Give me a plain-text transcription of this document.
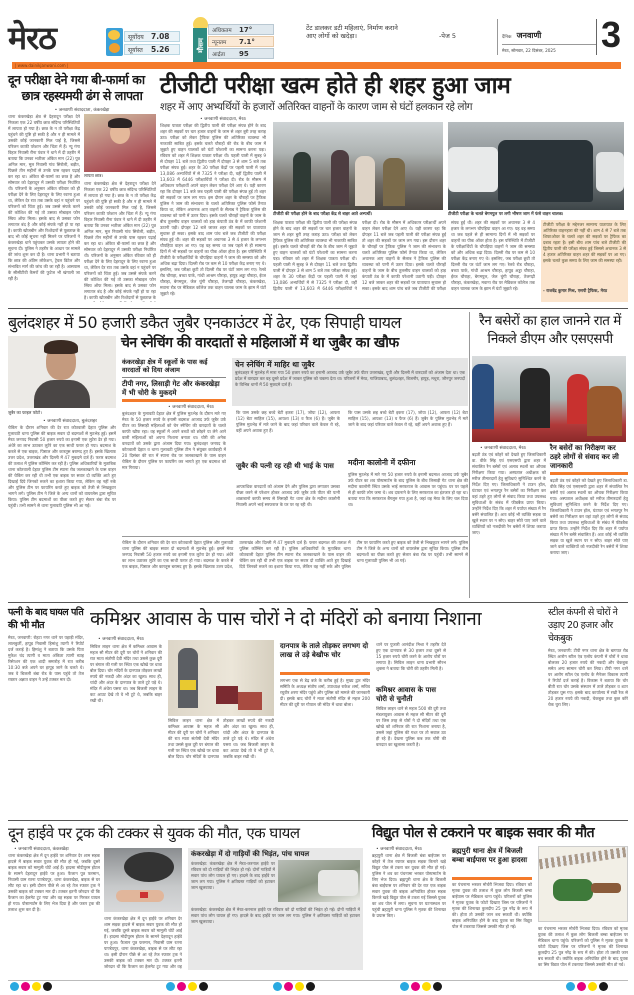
मेरठ	सूर्योदय 7.08
सूर्यास्त	5.26	मौसम
अधिकतम	17°
न्यूनतम	7.1°
आर्द्रता	95
टेंट डालकर डटी महिलाएं, निर्माण कराने
आए लोगों को खदेड़ा।	-पेज 5	दैनिक जनवाणी
मेरठ, सोमवार, 22 दिसंबर, 2025	3
| www.dainikjanwani.com |
दून परीक्षा देने गया बी-फार्मा का
छात्र रहस्यमयी ढंग से लापता
• जनवाणी संवाददाता, कंकरखेड़ा
थाना कंकरखेड़ा क्षेत्र से देहरादून परीक्षा देने निकला एक 22 वर्षीय छात्र संदिग्ध परिस्थितियों में लापता हो गया है। छात्र के न तो परीक्षा केंद्र पहुंचने की पुष्टि हो सकी है और न ही मामले में उसकी कोई जानकारी मिल पाई है, जिससे परिजन काफी परेशान और चिंता में हैं। न्यू गंगा विहार निवासी रीना पंवार ने थाने में दी तहरीर में बताया कि उनका भतीजा अंकित मान (22) पुत्र अनिल मान, मूल निवासी गांव सिरोली, बड़ौत, पिछले तीन महीनों से उनके पास रहकर पढ़ाई कर रहा था। अंकित बी-फार्मा का छात्र है और सोमवार को देहरादून में उसकी परीक्षा निर्धारित थी। परिजनों के अनुसार अंकित रविवार को ही परीक्षा देने के लिए देहरादून के लिए रवाना हुआ था, लेकिन देर रात तक उसके वहां न पहुंचने पर परिजनों को चिंता हुई। जब उससे संपर्क करने की कोशिश की गई तो उसका मोबाइल फोन स्विच ऑफ मिला। इसके बाद से उसका फोन लगातार बंद है और कोई संपर्क नहीं हो पा रहा है। काफी खोजबीन और रिश्तेदारों से पूछताछ के बाद भी कोई सूचना नहीं मिलने पर परिजनों ने कंकरखेड़ा थाने पहुंचकर उसके लापता होने की सूचना दी। पुलिस ने तहरीर के आधार पर मामले की जांच शुरू कर दी है। थाना प्रभारी ने बताया कि छात्र की अंतिम लोकेशन, ट्रेवल डिटेल और संभावित मार्ग की जांच की जा रही है। आसपास के सीसीटीवी कैमरों की फुटेज भी खंगाली जा रही है।
लापता छात्र।
थाना कंकरखेड़ा क्षेत्र से देहरादून परीक्षा देने निकला एक 22 वर्षीय छात्र संदिग्ध परिस्थितियों में लापता हो गया है। छात्र के न तो परीक्षा केंद्र पहुंचने की पुष्टि हो सकी है और न ही मामले में उसकी कोई जानकारी मिल पाई है, जिससे परिजन काफी परेशान और चिंता में हैं। न्यू गंगा विहार निवासी रीना पंवार ने थाने में दी तहरीर में बताया कि उनका भतीजा अंकित मान (22) पुत्र अनिल मान, मूल निवासी गांव सिरोली, बड़ौत, पिछले तीन महीनों से उनके पास रहकर पढ़ाई कर रहा था। अंकित बी-फार्मा का छात्र है और सोमवार को देहरादून में उसकी परीक्षा निर्धारित थी। परिजनों के अनुसार अंकित रविवार को ही परीक्षा देने के लिए देहरादून के लिए रवाना हुआ था, लेकिन देर रात तक उसके वहां न पहुंचने पर परिजनों को चिंता हुई। जब उससे संपर्क करने की कोशिश की गई तो उसका मोबाइल फोन स्विच ऑफ मिला। इसके बाद से उसका फोन लगातार बंद है और कोई संपर्क नहीं हो पा रहा है। काफी खोजबीन और रिश्तेदारों से पूछताछ के
टीजीटी परीक्षा खत्म होते ही शहर हुआ जाम
शहर में आए अभ्यर्थियों के हजारों अतिरिक्त वाहनों के कारण जाम से घंटों हलकान रहे लोग
• जनवाणी संवाददाता, मेरठ
शिक्षक पात्रता परीक्षा की द्वितीय पाली की परीक्षा संपन्न होने के बाद शहर की सड़कों पर चार हजार वाहनों के जाम से शहर बुरी तरह कराह उठा। परीक्षा को लेकर ट्रैफिक पुलिस की अतिरिक्त व्यवस्था भी नाकाफी साबित हुई। इसके चलते चौराहों की रोड के बीच जाम में जूझते हुए वाहन चालकों को घंटों परेशानी का सामना करना पड़ा। रविवार को शहर में शिक्षक पात्रता परीक्षा थी। पहली पाली में सुबह 9 से दोपहर 11 बजे तथा द्वितीय पाली में दोपहर 3 से शाम 5 बजे तक परीक्षा संपन्न हुई। शहर के 30 परीक्षा केंद्रों पर पहली पाली में जहां 13,086 अभ्यर्थियों में से 7325 ने परीक्षा दी, वहीं द्वितीय पाली में 13,603 में 6446 परीक्षार्थियों ने परीक्षा दी। रोड के मौसम में अधिकतर परीक्षार्थी अपने वाहन लेकर परीक्षा देने आए थे। यही कारण रहा कि दोपहर 11 बजे जब पहली पाली की परीक्षा संपन्न हुई तो शहर की सड़कों पर जाम लग गया। इस दौरान शहर के चौराहों पर ट्रैफिक पुलिस ने जाम की संभावना के चलते अतिरिक्त पुलिस फोर्स तैनात किया था, लेकिन अचानक आए वाहनों के सैलाब ने ट्रैफिक पुलिस की व्यवस्था को पानी में उतार दिया। इसके चलते चौराहों वाहनों के जाम के बीच तुलसीय वाहन चालकों को हाड़ कंपाती ठंड के में काफी परेशानी उठानी पड़ी। दोपहर 12 बजे जाकर शहर की सड़कों पर यातायात सुचारू हो सका। इसके बाद शाम पांच बजे जब टीजीटी की परीक्षा संपन्न हुई थी। शहर की सड़कों पर अचानक 3 से 4 हजार के लगभग चौपहिया वाहन आ गए। यह वह समय था जब पहले से ही सामान्य दिनों में भी सड़कों पर वाहनों का पीक ऑवर होता है। इस परिस्थिति में टीजीटी के परीक्षार्थियों के चौपहिया वाहनों ने जाम की समस्या को और अधिक बढ़ा दिया। दिल्ली रोड पर कम से 10 परीक्षा केंद्र बनाए गए थे। इसलिए, जब परीक्षा छूटी तो दिल्ली रोड पर घंटों जाम लग गए। रेलवे रोड चौराहा, बच्चा पार्क, गांधी आश्रम चौराहा, हापुड़ अड्डा चौराहा, ईव्ज चौराहा, बेगमपुल, जेल चुंगी चौराहा, तेजगढ़ी चौराहा, कंकरखेड़ा, मवाना रोड पर मेडिकल कॉलेज तक वाहन चालक जाम के झाम में घंटों जूझते रहे।
टीजीटी की परीक्षा होने के बाद परीक्षा केंद्र से बाहर आते अभ्यर्थी।	टीजीटी परीक्षा के चलते बेगमपुल पर लगी भीषण जाम में फंसे वाहन चालक।
शिक्षक पात्रता परीक्षा की द्वितीय पाली की परीक्षा संपन्न होने के बाद शहर की सड़कों पर चार हजार वाहनों के जाम से शहर बुरी तरह कराह उठा। परीक्षा को लेकर ट्रैफिक पुलिस की अतिरिक्त व्यवस्था भी नाकाफी साबित हुई। इसके चलते चौराहों की रोड के बीच जाम में जूझते हुए वाहन चालकों को घंटों परेशानी का सामना करना पड़ा। रविवार को शहर में शिक्षक पात्रता परीक्षा थी। पहली पाली में सुबह 9 से दोपहर 11 बजे तथा द्वितीय पाली में दोपहर 3 से शाम 5 बजे तक परीक्षा संपन्न हुई। शहर के 30 परीक्षा केंद्रों पर पहली पाली में जहां 13,086 अभ्यर्थियों में से 7325 ने परीक्षा दी, वहीं द्वितीय पाली में 13,603 में 6446 परीक्षार्थियों ने परीक्षा दी। रोड के मौसम में अधिकतर परीक्षार्थी अपने वाहन लेकर परीक्षा देने आए थे। यही कारण रहा कि दोपहर 11 बजे जब पहली पाली की परीक्षा संपन्न हुई तो शहर की सड़कों पर जाम लग गया। इस दौरान शहर के चौराहों पर ट्रैफिक पुलिस ने जाम की संभावना के चलते अतिरिक्त पुलिस फोर्स तैनात किया था, लेकिन अचानक आए वाहनों के सैलाब ने ट्रैफिक पुलिस की व्यवस्था को पानी में उतार दिया। इसके चलते चौराहों वाहनों के जाम के बीच तुलसीय वाहन चालकों को हाड़ कंपाती ठंड के में काफी परेशानी उठानी पड़ी। दोपहर 12 बजे जाकर शहर की सड़कों पर यातायात सुचारू हो सका। इसके बाद शाम पांच बजे जब टीजीटी की परीक्षा संपन्न हुई थी। शहर की सड़कों पर अचानक 3 से 4 हजार के लगभग चौपहिया वाहन आ गए। यह वह समय था जब पहले से ही सामान्य दिनों में भी सड़कों पर वाहनों का पीक ऑवर होता है। इस परिस्थिति में टीजीटी के परीक्षार्थियों के चौपहिया वाहनों ने जाम की समस्या को और अधिक बढ़ा दिया। दिल्ली रोड पर कम से 10 परीक्षा केंद्र बनाए गए थे। इसलिए, जब परीक्षा छूटी तो दिल्ली रोड पर घंटों जाम लग गए। रेलवे रोड चौराहा, बच्चा पार्क, गांधी आश्रम चौराहा, हापुड़ अड्डा चौराहा, ईव्ज चौराहा, बेगमपुल, जेल चुंगी चौराहा, तेजगढ़ी चौराहा, कंकरखेड़ा, मवाना रोड पर मेडिकल कॉलेज तक वाहन चालक जाम के झाम में घंटों जूझते रहे।
टीजीटी परीक्षा के मद्देनजर सामान्य यातायात के लिए अतिरिक्त वाहनहारा की नहीं थी। शाम 4 से 7 बजे तक शिफ्टओवर के चलते शहर की सड़कों पर ट्रैफिक का दबाव रहता है। इसी बीच शाम पांच बजे टीजीटी की द्वितीय पाली की परीक्षा संपन्न हुई जिससे अचानक 3 से 4 हजार अतिरिक्त वाहन शहर की सड़कों पर आ गए। इसके चलते कुछ समय के लिए जाम की समस्या रही।
- राजवेंद्र कुमार मिश्र, एसपी ट्रैफिक, मेरठ
बुलंदशहर में 50 हजारी डकैत जुबैर एनकाउंटर में ढेर, एक सिपाही घायल
चेन स्नेचिंग की वारदातों से महिलाओं में था जुबैर का खौफ
जुबैर का फाइल फोटो।
• जनवाणी संवाददाता, बुलंदशहर
चेकिंग के दौरान शनिवार की देर रात कोतवाली देहात पुलिस और गुलावठी थाना पुलिस की बाइक सवार दो बदमाशों से मुठभेड़ हुई। इसमें मेरठ जनपद निवासी 50 हजार रुपये का इनामी एक लुटेरा ढेर हो गया। अंधेरे का लाभ उठाकर लुटेरे का एक साथी फरार हो गया। बदमाश के कब्जे से एक बाइक, पिस्टल और कारतूस बरामद हुए हैं। इसके खिलाफ उत्तर प्रदेश, उत्तराखंड और दिल्ली में 47 मुकदमे दर्ज हैं। फरार बदमाश की तलाश में पुलिस कॉम्बिंग कर रही है। पुलिस अधिकारियों के मुताबिक थाना कोतवाली देहात पुलिस टीम स्याना रोड जलकाखाने के पास वाहन की चेकिंग कर रही थी तभी एक बाइक पर सवार दो व्यक्ति आते हुए दिखाई दिये जिनको रुकने का इशारा किया गया, लेकिन वह नहीं रुके और पुलिस टीम पर फायरिंग करते हुए बाइक को तेजी से भिखकुटर भागने लगे। पुलिस टीम ने जिले के अन्य थानों को वायरलेस द्वारा सूचित किया। पुलिस टीम बदमाशों का पीछा करते हुए सेल्टर बंबा रोड पर पहुंची। तभी सामने से थाना गुलावठी पुलिस भी आ गई।
कंकरखेड़ा क्षेत्र में स्कूलों के पास कई वारदातों को दिया अंजाम
टीपी नगर, लिसाड़ी गेट और कंकरखेड़ा में भी चोरी के मुकदमे
• जनवाणी संवाददाता, मेरठ
बुलंदशहर के गुलावठी देहात क्षेत्र में पुलिस मुठभेड़ के दौरान मारे गए मेरठ के 50 हजार रुपये के इनामी बदमाश आजाद उर्फ जुबैर उर्फ पीटर का लिसाड़ी महिलाओं को चेन स्नेचिंग की वारदातों के चलते काफी खौफ रहा। वह स्कूलों में अपने बच्चों को छोड़ने या लेने आने वाली महिलाओं को अपना निशाना बनाता था। चोरी की अनेक वारदातों को उसके द्वारा अंजाम दिया गया। बुलंदशहर जनपद के कोतवाली देहात व थाना गुलावठी पुलिस टीम ने संयुक्त कार्यवाही में 20 दिसंबर की रात में स्याना रोड पर जलकाखाने के पास वाहन चेकिंग के दौरान पुलिस पर फायरिंग कर भागते हुए एक बदमाश को मार गिराया।
चेन स्नेचिंग में माहिर था जुबैर
बुलंदशहर में मुठभेड़ में मारा गया 50 हजार रुपये का इनामी आजाद उर्फ जुबैर उर्फ पीटर उत्तराखंड, यूपी और दिल्ली में वारदातों को अंजाम देता था। एक प्रदेश में वारदात कर वह दूसरे प्रदेश में जाकर पुलिस को चकमा देता था। परिजनों में मेरठ, गाजियाबाद, बुलंदशहर, बिजनौर, हापुड़, मथुरा, जौनपुर जनपदों के विभिन्न थानों में 50 मुकदमे दर्ज हैं।
कि पास उसके छह बच्चे बेटी इकरा (17), जोया (12), आफरा (12) बेटा साहिल (15), आयशा (13) व फैज (6) हैं। जुबैर के पुलिस मुठभेड़ में मारे जाने के बाद जहां परिवार वाले केवल रो रहे, वहीं अपने अवाक हुए हैं।
जुबैर की पत्नी रह रही थी भाई के पास
आपराधिक वारदातों को अंजाम देने और पुलिस द्वारा लगातार उसका पीछा करने से परेशान होकर आजाद उर्फ जुबैर उर्फ पीटर की पत्नी शान्नाबानो काफी समय से लिसाड़ी गेट थाना क्षेत्र के मदीना कालोनी निवासी अपने भाई सरफराज के घर पर रह रही थी।
कि पास उसके छह बच्चे बेटी इकरा (17), जोया (12), आफरा (12) बेटा साहिल (15), आयशा (13) व फैज (6) हैं। जुबैर के पुलिस मुठभेड़ में मारे जाने के बाद जहां परिवार वाले केवल रो रहे, वहीं अपने अवाक हुए हैं।
मदीना कालोनी में दफीना
पुलिस मुठभेड़ में मारे गए 50 हजार रुपये के इनामी बदमाश आजाद उर्फ जुबैर उर्फ पीटर का शव पोस्टमार्टम के बाद पुलिस के बीच लिसाड़ी गेट थाना क्षेत्र की मदीना कालोनी स्थित उसके भाई सरफराज के आवास पर पहुंचा। घर पर पहले से ही काफी लोग जमा थे। शव दफनाने के लिए सरफराज का इंतजार हो रहा था। बताया गया कि सरफराज बैंगलुरु गया हुआ है, जहां वह मेरठ के लिए चल दिया था।
चेकिंग के दौरान शनिवार की देर रात कोतवाली देहात पुलिस और गुलावठी थाना पुलिस की बाइक सवार दो बदमाशों से मुठभेड़ हुई। इसमें मेरठ जनपद निवासी 50 हजार रुपये का इनामी एक लुटेरा ढेर हो गया। अंधेरे का लाभ उठाकर लुटेरे का एक साथी फरार हो गया। बदमाश के कब्जे से एक बाइक, पिस्टल और कारतूस बरामद हुए हैं। इसके खिलाफ उत्तर प्रदेश, उत्तराखंड और दिल्ली में 47 मुकदमे दर्ज हैं। फरार बदमाश की तलाश में पुलिस कॉम्बिंग कर रही है। पुलिस अधिकारियों के मुताबिक थाना कोतवाली देहात पुलिस टीम स्याना रोड जलकाखाने के पास वाहन की चेकिंग कर रही थी तभी एक बाइक पर सवार दो व्यक्ति आते हुए दिखाई दिये जिनको रुकने का इशारा किया गया, लेकिन वह नहीं रुके और पुलिस टीम पर फायरिंग करते हुए बाइक को तेजी से भिखकुटर भागने लगे। पुलिस टीम ने जिले के अन्य थानों को वायरलेस द्वारा सूचित किया। पुलिस टीम बदमाशों का पीछा करते हुए सेल्टर बंबा रोड पर पहुंची। तभी सामने से थाना गुलावठी पुलिस भी आ गई।
रैन बसेरों का हाल जानने रात में निकले डीएम और एसएसपी
• जनवाणी संवाददाता, मेरठ
बढ़ती ठंड एवं कोहरे को देखते हुए जिलाधिकारी डा. वीके सिंह एवं एसएसपी द्वारा शहर में संचालित रैन बसेरों एवं अलाव स्थलों का औचक निरीक्षण किया गया। अस्पताल अधीक्षक को मरीज तीमारदारों हेतु सुविधाएं सुनिश्चित करने के निर्देश दिए गए। जिलाधिकारी ने टाउन हॉल, घंटाघर एवं भगतपुर रैन बसेरों का निरीक्षण कर वहां ठहरे हुए लोगों से संवाद किया तथा उपलब्ध सुविधाओं के संबंध में फीडबैक प्राप्त किया। उन्होंने निर्देश दिए कि शहर में पर्याप्त संख्या में रैन बसेरे संचालित हैं। अतः कोई भी व्यक्ति सड़क या खुले स्थान पर न सोए। बाहर सोते पाए जाने वाले व्यक्तियों को नजदीकी रैन बसेरों में शिफ्ट कराया जाए।
रैन बसेरों का निरीक्षण कर ठहरे लोगों से संवाद कर ली जानकारी
बढ़ती ठंड एवं कोहरे को देखते हुए जिलाधिकारी डा. वीके सिंह एवं एसएसपी द्वारा शहर में संचालित रैन बसेरों एवं अलाव स्थलों का औचक निरीक्षण किया गया। अस्पताल अधीक्षक को मरीज तीमारदारों हेतु सुविधाएं सुनिश्चित करने के निर्देश दिए गए। जिलाधिकारी ने टाउन हॉल, घंटाघर एवं भगतपुर रैन बसेरों का निरीक्षण कर वहां ठहरे हुए लोगों से संवाद किया तथा उपलब्ध सुविधाओं के संबंध में फीडबैक प्राप्त किया। उन्होंने निर्देश दिए कि शहर में पर्याप्त संख्या में रैन बसेरे संचालित हैं। अतः कोई भी व्यक्ति सड़क या खुले स्थान पर न सोए। बाहर सोते पाए जाने वाले व्यक्तियों को नजदीकी रैन बसेरों में शिफ्ट कराया जाए।
पत्नी के बाद घायल पति की भी मौत
मेरठ, जनवाणी: रोहटा नगर थाने पर पहाड़ी मंदिर, लालकुर्ती, हापुड़ निवासी हिमांशु त्यागी ने रिपोर्ट दर्ज कराई है। हिमांशु ने बताया कि उसके पिता मुकेश चंद त्यागी व माता अंकिता त्यागी ब्याह रिसेप्शन की एक शादी समारोह में रात करीब 10:30 बजे अपने घर हापुड़ जाने के चलते थे। जब वे बिजली बंबा रोड के पास पहुंचे तो तेज रफ्तार अज्ञात वाहन ने उन्हें टक्कर मार दी।
कमिश्नर आवास के पास चोरों ने दो मंदिरों को बनाया निशाना
• जनवाणी संवाददाता, मेरठ
सिविल लाइन थाना क्षेत्र में कमिश्नर आवास के महज सौ मीटर की दूरी पर चोरों ने शनिवार की रात माता संतोषी देवी मंदिर तथा उससे कुछ दूरी पर बंगाल की गली पर स्थित एक खोखे पर धावा बोल दिया। चोर मंदिरों के दानपात्र तोड़कर लाखों रुपये की नकदी और अंदर का खुला। साथ ही, चांदी और अंदर के दानपात्र के ताले टूटे पड़े थे। मंदिर में अंधेरा पसरा था। जब बिजली लाइन के कट आउट देखे तो वे भी टूटे थे, जबकि बाहर रखी थी।
सिविल लाइन थाना क्षेत्र में कमिश्नर आवास के महज सौ मीटर की दूरी पर चोरों ने शनिवार की रात माता संतोषी देवी मंदिर तथा उससे कुछ दूरी पर बंगाल की गली पर स्थित एक खोखे पर धावा बोल दिया। चोर मंदिरों के दानपात्र तोड़कर लाखों रुपये की नकदी और अंदर का खुला। साथ ही, चांदी और अंदर के दानपात्र के ताले टूटे पड़े थे। मंदिर में अंधेरा पसरा था। जब बिजली लाइन के कट आउट देखे तो वे भी टूटे थे, जबकि बाहर रखी थी।
दानपात्र के ताले तोड़कर लगभग दो लाख ले उड़े बेखौफ चोर
लगभग एक से डेढ़ बजे के करीब हुई है। मुख्य द्वार मंदिर समिति के अध्यक्ष संतोष शर्मा, उपाध्यक्ष राकेश शर्मा, सचिव रघुवीर शरण मंदिर पहुंचे और पुलिस को मामले की जानकारी दी। इसके बाद चोरों ने माता संतोषी मंदिर से महज 200 मीटर की दूरी पर गोपाल जी मंदिर में धावा बोला।
थाने पर पुजारी आनंदीश मिश्रा ने तहरीर देते हुए एक दानपात्र से 30 हजार तथा दूसरे से 15 हजार रुपये चोरी करने के आरोप चोरों पर लगाया है। सिविल लाइन थाना प्रभारी सौरभ शुक्ला ने बताया कि चोरी की तहरीर मिली है।
कमिश्नर आवास के पास चोरी से चुनौती
सिविल लाइन थाने से महज 500 की दूरी तथा मंडलायुक्त आवास से महज सौ मीटर की दूरी पर जिस तरह से चोरों ने दो मंदिरों तथा एक खोखे को शनिवार की रात निशाना बनाया है, उससे जहां पुलिस की गश्त पर तो सवाल उठ ही रहे हैं। देखना पुलिस कब तक चोरी की वारदात का खुलासा करती है।
स्टील कंपनी से चोरों ने उड़ाए 20 हजार और चेकबुक
मेरठ, जनवाणी: टीपी नगर थाना क्षेत्र के बागपत रोड स्थित आरोग स्टील एंड एलॉय कंपनी में चोरों ने धावा बोलकर 20 हजार रुपये की नकदी और चेकबुक समेत अन्य सामान चोरी कर लिया। टीपी नगर थाने पर आरोग स्टील एंड एलॉय के मैनेजर विकास त्यागी ने रिपोर्ट दर्ज कराई है। विकास ने बताया कि चोर बीती रात चोर उसके संस्थान में ताले तोड़कर व शटर तोड़कर घुस गए। इसके बाद कार्यालय में रखी रैक से 20 हजार रुपये की नकदी, चेकबुक तथा कुछ कोरे चेक चुरा लिए।
दून हाईवे पर ट्रक की टक्कर से युवक की मौत, एक घायल
• जनवाणी संवाददाता, कंकरखेड़ा
थाना कंकरखेड़ा क्षेत्र में दून हाईवे पर शनिवार देर शाम सड़क हादसे में बाइक सवार युवक की मौत हो गई, जबकि दूसरे बाइक सवार को मामूली चोटें आई हैं। हादसा मोदीपुरम होटल के सामने देहरादून हाईवे पर हुआ। फैजान पुत्र फरमान, निवासी ग्राम रतना पाण्डेयपुर, थाना कंकरखेड़ा, बाइक से घर लौट रहा था। इसी दौरान पीछे से आ रहे तेज रफ्तार ट्रक ने उसकी बाइक को टक्कर मार दी। टक्कर इतनी जोरदार थी कि फैजान का हेलमेट टूट गया और वह सड़क पर गिरकर घायल हो गया। पोस्टमार्टम के लिए भेज दिया है और फरार ट्रक की तलाश शुरू कर दी है।
थाना कंकरखेड़ा क्षेत्र में दून हाईवे पर शनिवार देर शाम सड़क हादसे में बाइक सवार युवक की मौत हो गई, जबकि दूसरे बाइक सवार को मामूली चोटें आई हैं। हादसा मोदीपुरम होटल के सामने देहरादून हाईवे पर हुआ। फैजान पुत्र फरमान, निवासी ग्राम रतना पाण्डेयपुर, थाना कंकरखेड़ा, बाइक से घर लौट रहा था। इसी दौरान पीछे से आ रहे तेज रफ्तार ट्रक ने उसकी बाइक को टक्कर मार दी। टक्कर इतनी जोरदार थी कि फैजान का हेलमेट टूट गया और वह
कंकरखेड़ा में दो गाड़ियों की भिड़ंत, पांच घायल
कंकरखेड़ा: कंकरखेड़ा क्षेत्र में मेरठ-करनाल हाईवे पर रविवार को दो गाड़ियों की भिड़ंत हो गई। दोनों गाड़ियों में सवार पांच लोग घायल हो गए। हादसे के बाद हाईवे पर जाम लग गया। पुलिस ने क्षतिग्रस्त गाड़ियों को हटाकर जाम खुलवाया।
कंकरखेड़ा: कंकरखेड़ा क्षेत्र में मेरठ-करनाल हाईवे पर रविवार को दो गाड़ियों की भिड़ंत हो गई। दोनों गाड़ियों में सवार पांच लोग घायल हो गए। हादसे के बाद हाईवे पर जाम लग गया। पुलिस ने क्षतिग्रस्त गाड़ियों को हटाकर जाम खुलवाया।
विद्युत पोल से टकराने पर बाइक सवार की मौत
• जनवाणी संवाददाता, मेरठ
ब्रह्मपुरी थाना क्षेत्र में बिजली बंबा बाईपास पर कोहरे में तेज रफ्तार बाइक सड़क किनारे खड़े विद्युत पोल से टकरा कर युवक की मौत हो गई। पुलिस ने शव का पंचनामा भरकर पोस्टमार्टम के लिए भेज दिया। ब्रह्मपुरी थाना क्षेत्र के बिजली बंबा बाईपास पर शनिवार की देर रात एक बाइक सवार युवक की बाइक अनियंत्रित होकर सड़क किनारे खड़े विद्युत पोल से टकरा गई जिससे युवक का शव पोल में लगा। सूचना पर घटनास्थल पर पहुंची ब्रह्मपुरी थाना पुलिस ने मृतक की शिनाख्त के प्रयास किए।
ब्रह्मपुरी थाना क्षेत्र में बिजली बम्बा बाईपास पर हुआ हादसा
का पंचनामा भरकर मोर्चरी भिजवा दिया। रविवार को मृतक युवक की तलाश में कुछ लोग बिजली बम्बा बाईपास पर मेडिकल थाना पहुंचे। परिजनों को पुलिस ने मृतक युवक के फोटो दिखाए जिस पर परिजनों ने मृतक की शिनाख्त कुलदीप 25 पुत्र नरेंद्र के रूप में की। होता तो उसकी जान बच सकती थी। क्योंकि बाइक अनियंत्रित होने के बाद युवक का सिर विद्युत पोल में टकराया जिससे उसकी मौत हो गई।	का पंचनामा भरकर मोर्चरी भिजवा दिया। रविवार को मृतक युवक की तलाश में कुछ लोग बिजली बम्बा बाईपास पर मेडिकल थाना पहुंचे। परिजनों को पुलिस ने मृतक युवक के फोटो दिखाए जिस पर परिजनों ने मृतक की शिनाख्त कुलदीप 25 पुत्र नरेंद्र के रूप में की। होता तो उसकी जान बच सकती थी। क्योंकि बाइक अनियंत्रित होने के बाद युवक का सिर विद्युत पोल में टकराया जिससे उसकी मौत हो गई।
